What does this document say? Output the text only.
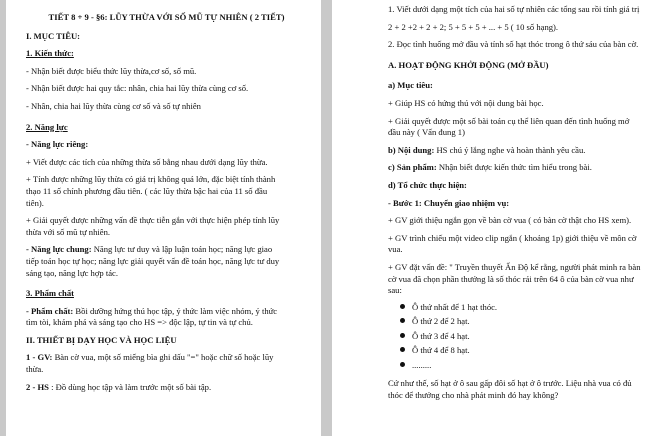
TIẾT 8 + 9 - §6: LŨY THỪA VỚI SỐ MŨ TỰ NHIÊN ( 2 TIẾT)

I. MỤC TIÊU:

1. Kiến thức:

- Nhận biết được biểu thức lũy thừa,cơ số, số mũ.

- Nhận biết được hai quy tắc: nhân, chia hai lũy thừa cùng cơ số.

- Nhân, chia hai lũy thừa cùng cơ số và số tự nhiên

2. Năng lực

- Năng lực riêng:

+ Viết được các tích của những thừa số bằng nhau dưới dạng lũy thừa.

+ Tính được những lũy thừa có giá trị không quá lớn, đặc biệt tính thành

thạo 11 số chính phương đầu tiên. ( các lũy thừa bậc hai của 11 số đầu

tiên).

+ Giải quyết được những vấn đề thực tiễn gắn với thực hiện phép tính lũy

thừa với số mũ tự nhiên.

- Năng lực chung: Năng lực tư duy và lập luận toán học; năng lực giao

tiếp toán học tự học; năng lực giải quyết vấn đề toán học, năng lực tư duy

sáng tạo, năng lực hợp tác.

3. Phẩm chất

- Phẩm chất: Bồi dưỡng hứng thú học tập, ý thức làm việc nhóm, ý thức

tìm tòi, khám phá và sáng tạo cho HS => độc lập, tự tin và tự chủ.

II. THIẾT BỊ DẠY HỌC VÀ HỌC LIỆU

1 - GV: Bàn cờ vua, một số miếng bìa ghi dấu "=" hoặc chữ số hoặc lũy

thừa.

2 - HS : Đồ dùng học tập và làm trước một số bài tập.

1. Viết dưới dạng một tích của hai số tự nhiên các tổng sau rồi tính giá trị

2 + 2 +2 + 2 + 2; 5 + 5 + 5 + ... + 5 ( 10 số hạng).

2. Đọc tình huống mở đầu và tính số hạt thóc trong ô thứ sáu của bàn cờ.

A. HOẠT ĐỘNG KHỞI ĐỘNG (MỞ ĐẦU)

a) Mục tiêu:

+ Giúp HS có hứng thú với nội dung bài học.

+ Giải quyết được một số bài toán cụ thể liên quan đến tình huống mở

đầu này ( Vấn đung 1)

b) Nội dung: HS chú ý lắng nghe và hoàn thành yêu cầu.

c) Sản phẩm: Nhận biết được kiến thức tìm hiểu trong bài.

d) Tổ chức thực hiện:

- Bước 1: Chuyển giao nhiệm vụ:

+ GV giới thiệu ngắn gọn về bàn cờ vua ( có bàn cờ thật cho HS xem).

+ GV trình chiếu một video clip ngắn ( khoảng 1p) giới thiệu về môn cờ

vua.

+ GV đặt vấn đề: " Truyền thuyết Ấn Độ kể rằng, người phát minh ra bàn

cờ vua đã chọn phần thưởng là số thóc rải trên 64 ô của bàn cờ vua như

sau:

Ô thứ nhất để 1 hạt thóc.
Ô thứ 2 để 2 hạt.
Ô thứ 3 để 4 hạt.
Ô thứ 4 để 8 hạt.
.........

Cứ như thế, số hạt ở ô sau gấp đôi số hạt ở ô trước. Liệu nhà vua có đủ

thóc để thưởng cho nhà phát minh đó hay không?
